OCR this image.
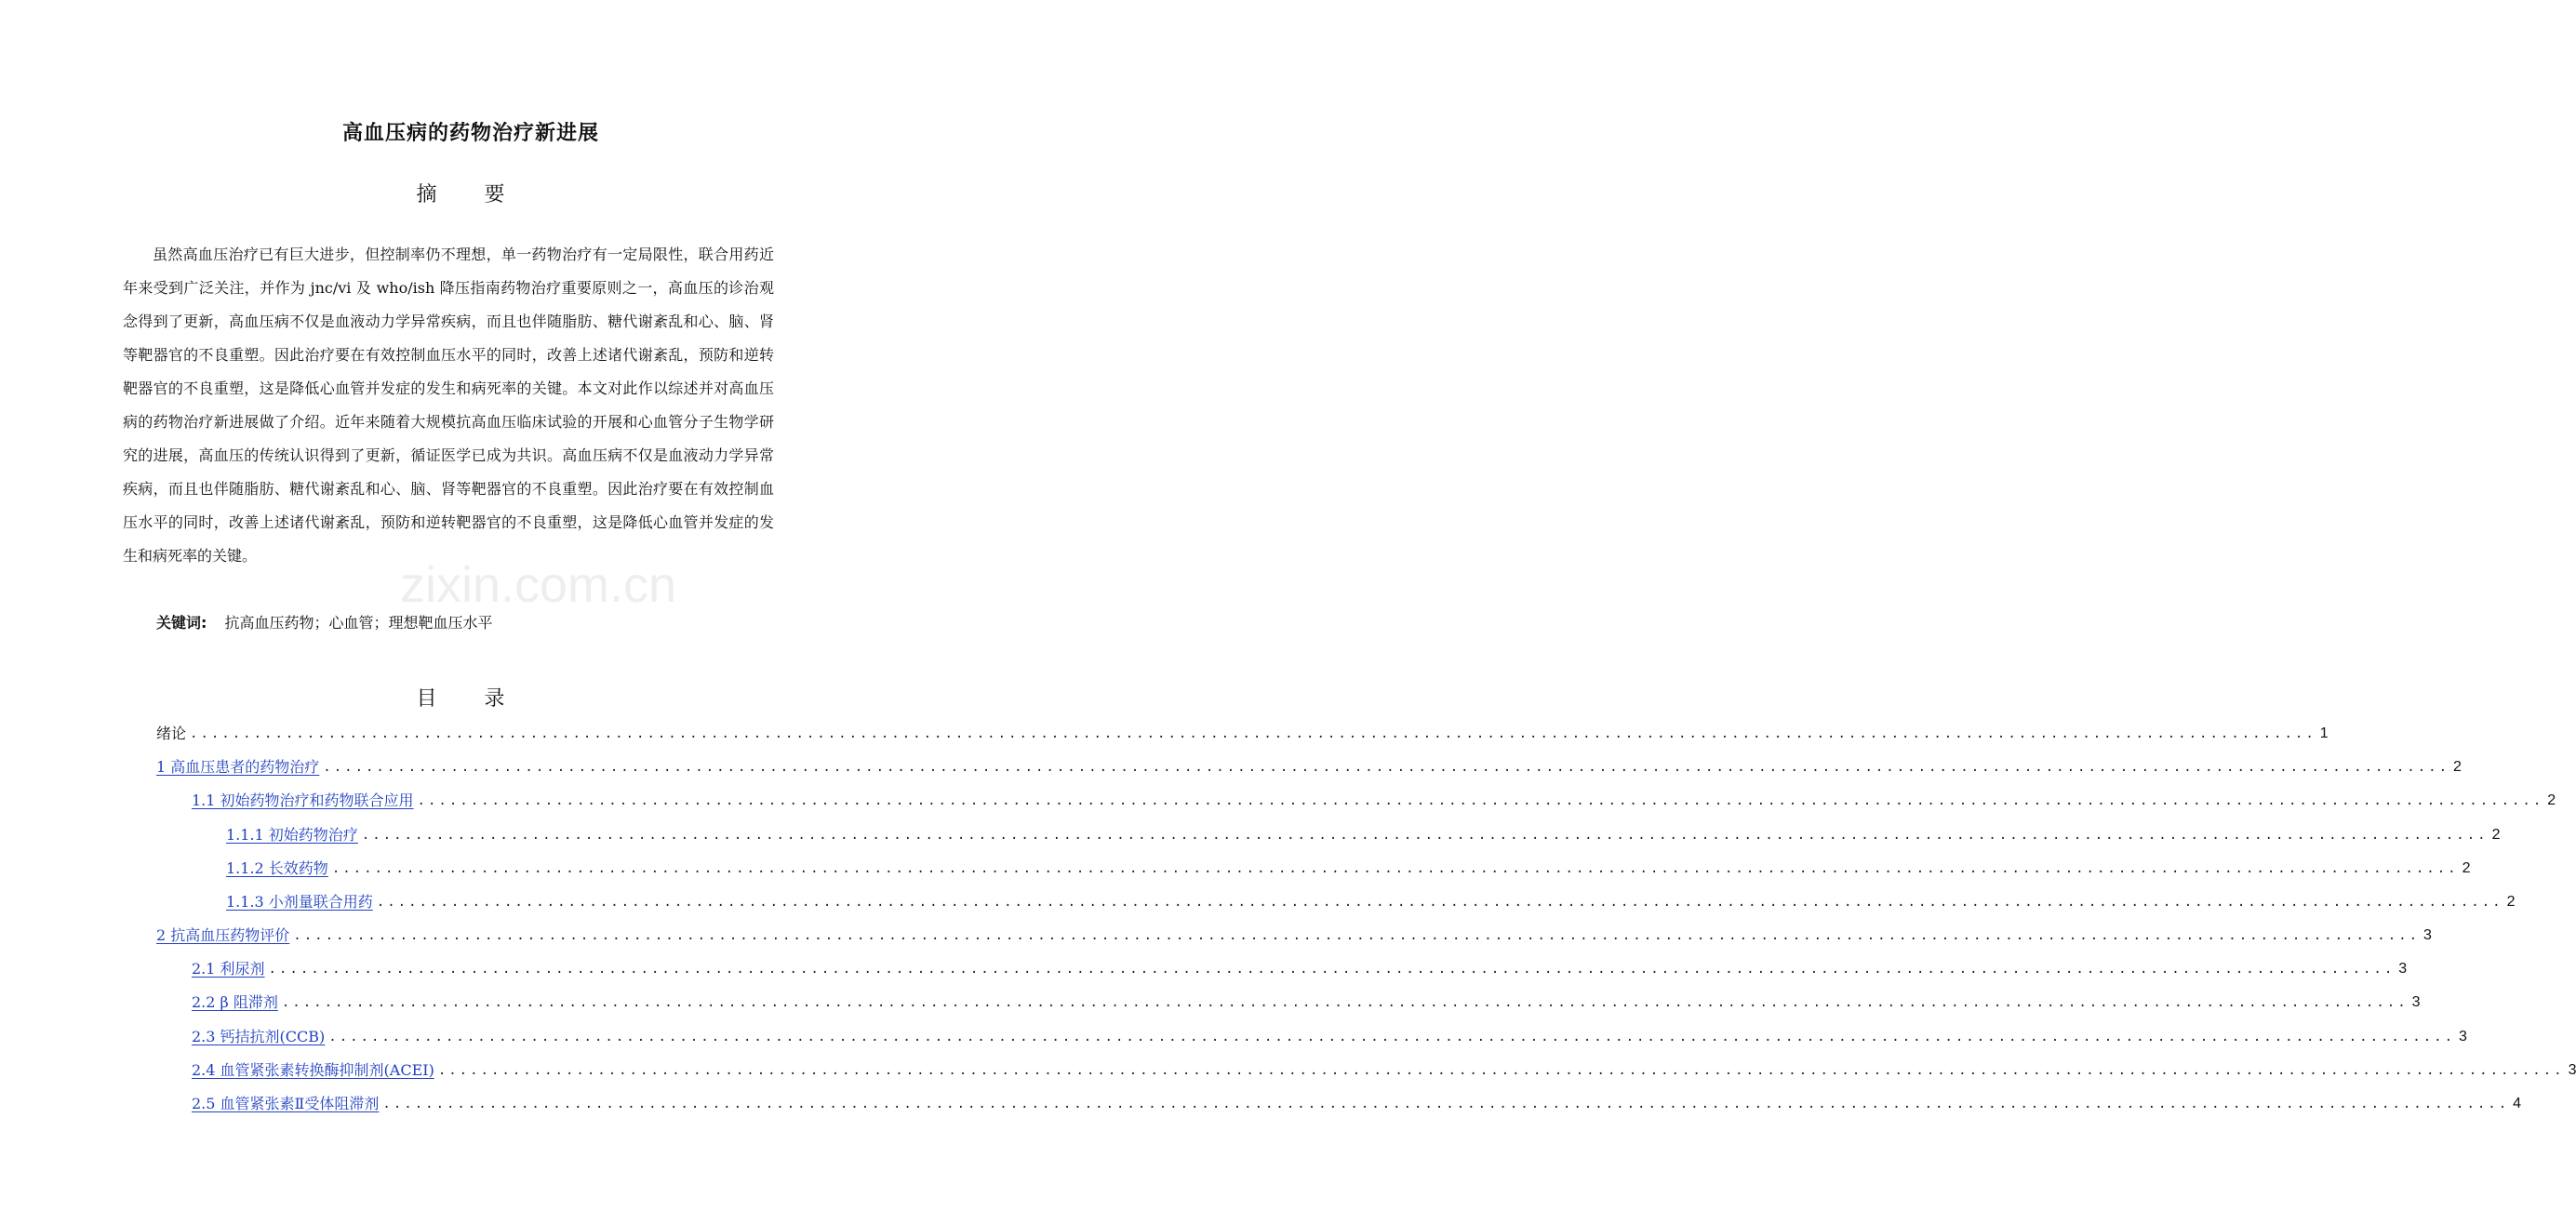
高血压病的药物治疗新进展
摘 要
虽然高血压治疗已有巨大进步，但控制率仍不理想，单一药物治疗有一定局限性，联合用药近年来受到广泛关注，并作为 jnc/vi 及 who/ish 降压指南药物治疗重要原则之一，高血压的诊治观念得到了更新，高血压病不仅是血液动力学异常疾病，而且也伴随脂肪、糖代谢紊乱和心、脑、肾等靶器官的不良重塑。因此治疗要在有效控制血压水平的同时，改善上述诸代谢紊乱，预防和逆转靶器官的不良重塑，这是降低心血管并发症的发生和病死率的关键。本文对此作以综述并对高血压病的药物治疗新进展做了介绍。近年来随着大规模抗高血压临床试验的开展和心血管分子生物学研究的进展，高血压的传统认识得到了更新，循证医学已成为共识。高血压病不仅是血液动力学异常疾病，而且也伴随脂肪、糖代谢紊乱和心、脑、肾等靶器官的不良重塑。因此治疗要在有效控制血压水平的同时，改善上述诸代谢紊乱，预防和逆转靶器官的不良重塑，这是降低心血管并发症的发生和病死率的关键。
关键词: 抗高血压药物；心血管；理想靶血压水平
zixin.com.cn
目 录
绪论 ........................................................................................................................................................................................................ 1
1 高血压患者的药物治疗 ........................................................................................................................................................................................................ 2
1.1 初始药物治疗和药物联合应用 ........................................................................................................................................................................................................ 2
1.1.1 初始药物治疗 ........................................................................................................................................................................................................ 2
1.1.2 长效药物 ........................................................................................................................................................................................................ 2
1.1.3 小剂量联合用药 ........................................................................................................................................................................................................ 2
2 抗高血压药物评价 ........................................................................................................................................................................................................ 3
2.1 利尿剂 ........................................................................................................................................................................................................ 3
2.2 β 阻滞剂 ........................................................................................................................................................................................................ 3
2.3 钙拮抗剂(CCB) ........................................................................................................................................................................................................ 3
2.4 血管紧张素转换酶抑制剂(ACEI) ........................................................................................................................................................................................................ 3
2.5 血管紧张素Ⅱ受体阻滞剂 ........................................................................................................................................................................................................ 4
